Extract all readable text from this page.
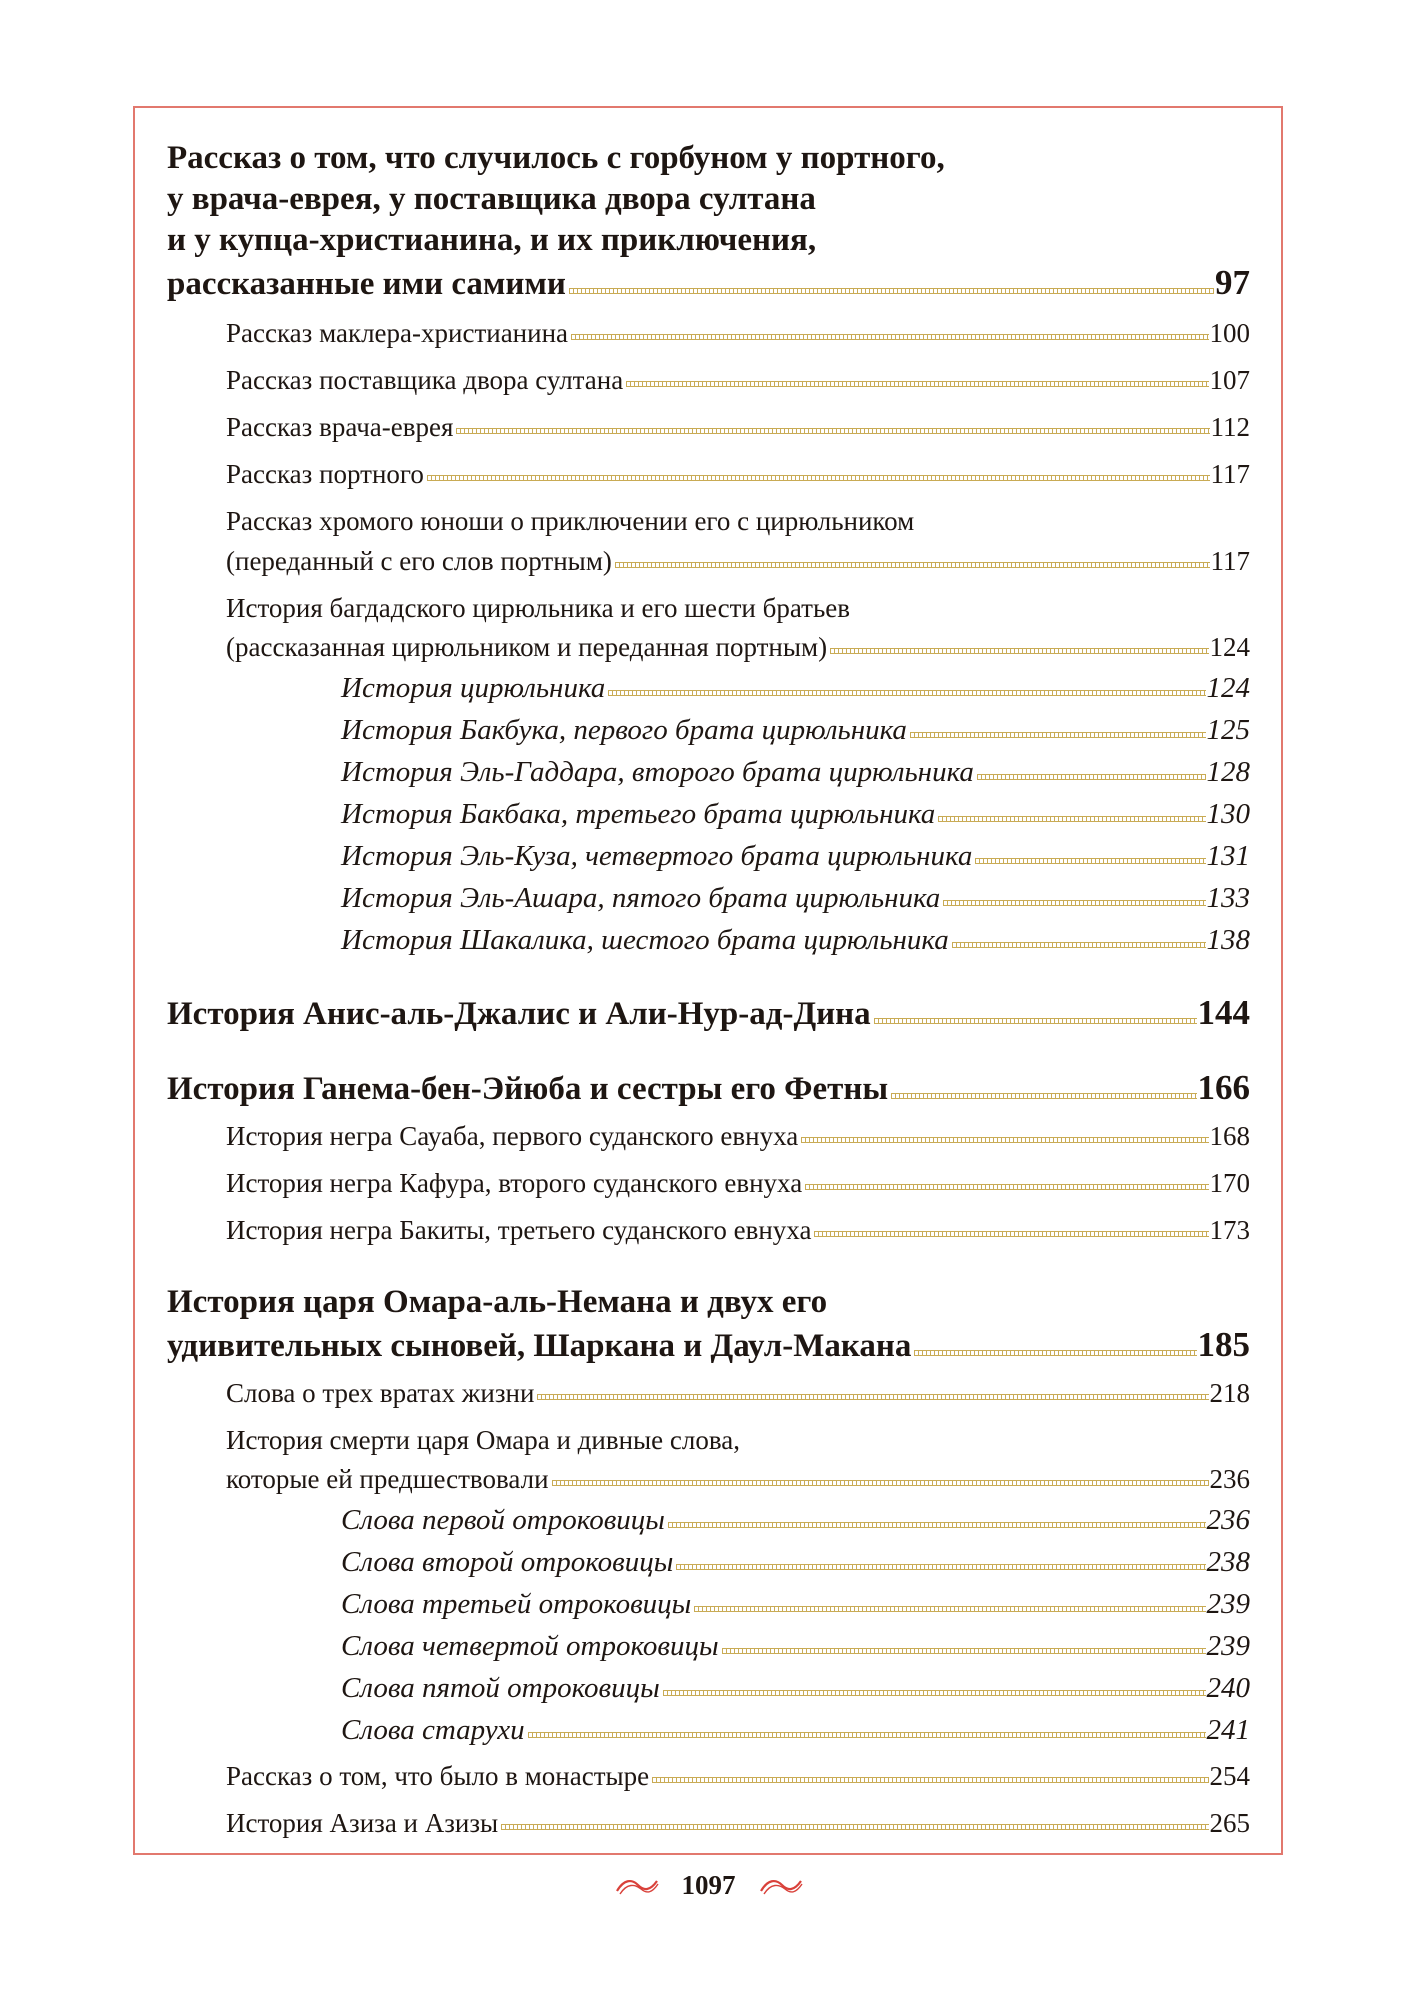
Рассказ о том, что случилось с горбуном у портного,
у врача-еврея, у поставщика двора султана
и у купца-христианина, и их приключения,
рассказанные ими самими	97
Рассказ маклера-христианина	100
Рассказ поставщика двора султана	107
Рассказ врача-еврея	112
Рассказ портного	117
Рассказ хромого юноши о приключении его с цирюльником
(переданный с его слов портным)	117
История багдадского цирюльника и его шести братьев
(рассказанная цирюльником и переданная портным)	124
История цирюльника	124
История Бакбука, первого брата цирюльника	125
История Эль-Гаддара, второго брата цирюльника	128
История Бакбака, третьего брата цирюльника	130
История Эль-Куза, четвертого брата цирюльника	131
История Эль-Ашара, пятого брата цирюльника	133
История Шакалика, шестого брата цирюльника	138
История Анис-аль-Джалис и Али-Нур-ад-Дина	144
История Ганема-бен-Эйюба и сестры его Фетны	166
История негра Сауаба, первого суданского евнуха	168
История негра Кафура, второго суданского евнуха	170
История негра Бакиты, третьего суданского евнуха	173
История царя Омара-аль-Немана и двух его
удивительных сыновей, Шаркана и Даул-Макана	185
Слова о трех вратах жизни	218
История смерти царя Омара и дивные слова,
которые ей предшествовали	236
Слова первой отроковицы	236
Слова второй отроковицы	238
Слова третьей отроковицы	239
Слова четвертой отроковицы	239
Слова пятой отроковицы	240
Слова старухи	241
Рассказ о том, что было в монастыре	254
История Азиза и Азизы	265
1097
